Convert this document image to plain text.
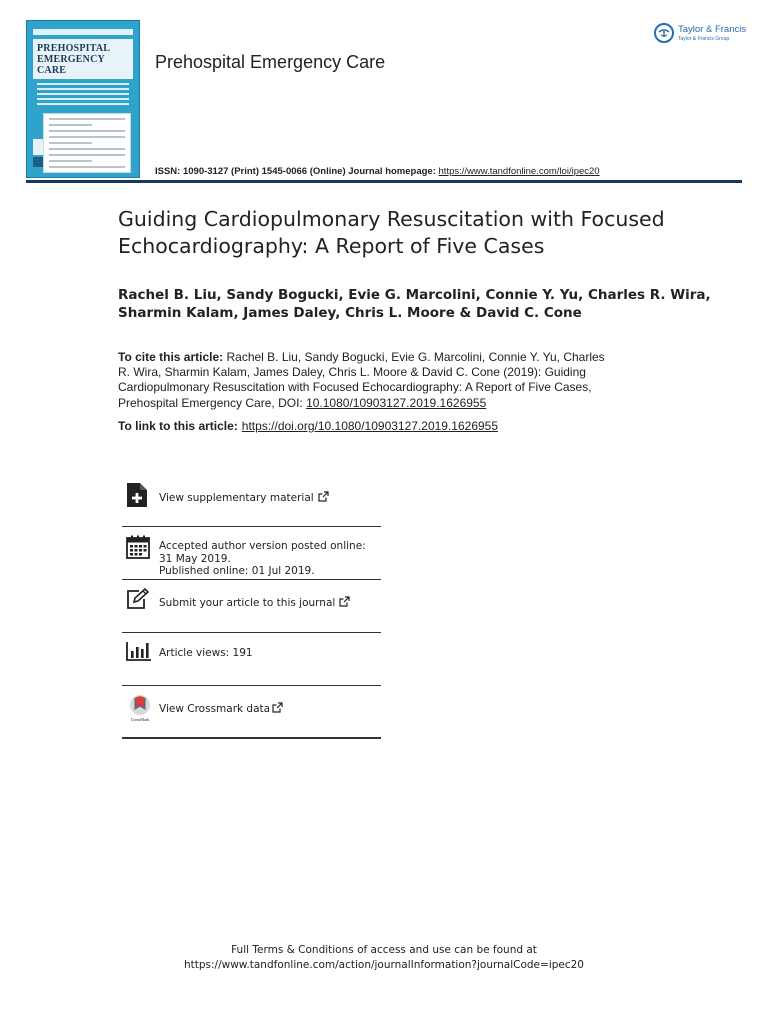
PREHOSPITAL
EMERGENCY CARE	Prehospital Emergency Care
Taylor & Francis
Taylor & Francis Group
ISSN: 1090-3127 (Print) 1545-0066 (Online) Journal homepage: https://www.tandfonline.com/loi/ipec20
Guiding Cardiopulmonary Resuscitation with Focused Echocardiography: A Report of Five Cases
Rachel B. Liu, Sandy Bogucki, Evie G. Marcolini, Connie Y. Yu, Charles R. Wira, Sharmin Kalam, James Daley, Chris L. Moore & David C. Cone
To cite this article: Rachel B. Liu, Sandy Bogucki, Evie G. Marcolini, Connie Y. Yu, Charles R. Wira, Sharmin Kalam, James Daley, Chris L. Moore & David C. Cone (2019): Guiding Cardiopulmonary Resuscitation with Focused Echocardiography: A Report of Five Cases, Prehospital Emergency Care, DOI: 10.1080/10903127.2019.1626955
To link to this article: https://doi.org/10.1080/10903127.2019.1626955
View supplementary material
Accepted author version posted online: 31 May 2019.
Published online: 01 Jul 2019.
Submit your article to this journal
Article views: 191
CrossMark
View Crossmark data
Full Terms & Conditions of access and use can be found at
https://www.tandfonline.com/action/journalInformation?journalCode=ipec20
